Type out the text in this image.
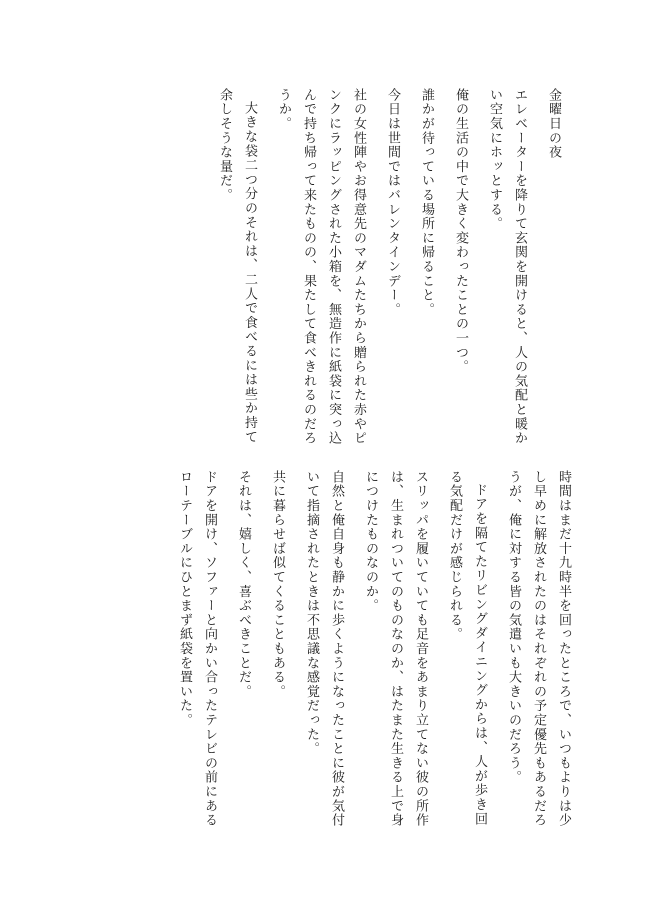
金曜日の夜

エレベーターを降りて玄関を開けると、人の気配と暖かい空気にホッとする。

俺の生活の中で大きく変わったことの一つ。

誰かが待っている場所に帰ること。

今日は世間ではバレンタインデー。

社の女性陣やお得意先のマダムたちから贈られた赤やピンクにラッピングされた小箱を、無造作に紙袋に突っ込んで持ち帰って来たものの、果たして食べきれるのだろうか。

大きな袋二つ分のそれは、二人で食べるには些か持て余しそうな量だ。

時間はまだ十九時半を回ったところで、いつもよりは少し早めに解放されたのはそれぞれの予定優先もあるだろうが、俺に対する皆の気遣いも大きいのだろう。

ドアを隔てたリビングダイニングからは、人が歩き回る気配だけが感じられる。

スリッパを履いていても足音をあまり立てない彼の所作は、生まれついてのものなのか、はたまた生きる上で身につけたものなのか。

自然と俺自身も静かに歩くようになったことに彼が気付いて指摘されたときは不思議な感覚だった。

共に暮らせば似てくることもある。

それは、嬉しく、喜ぶべきことだ。

ドアを開け、ソファーと向かい合ったテレビの前にあるローテーブルにひとまず紙袋を置いた。
